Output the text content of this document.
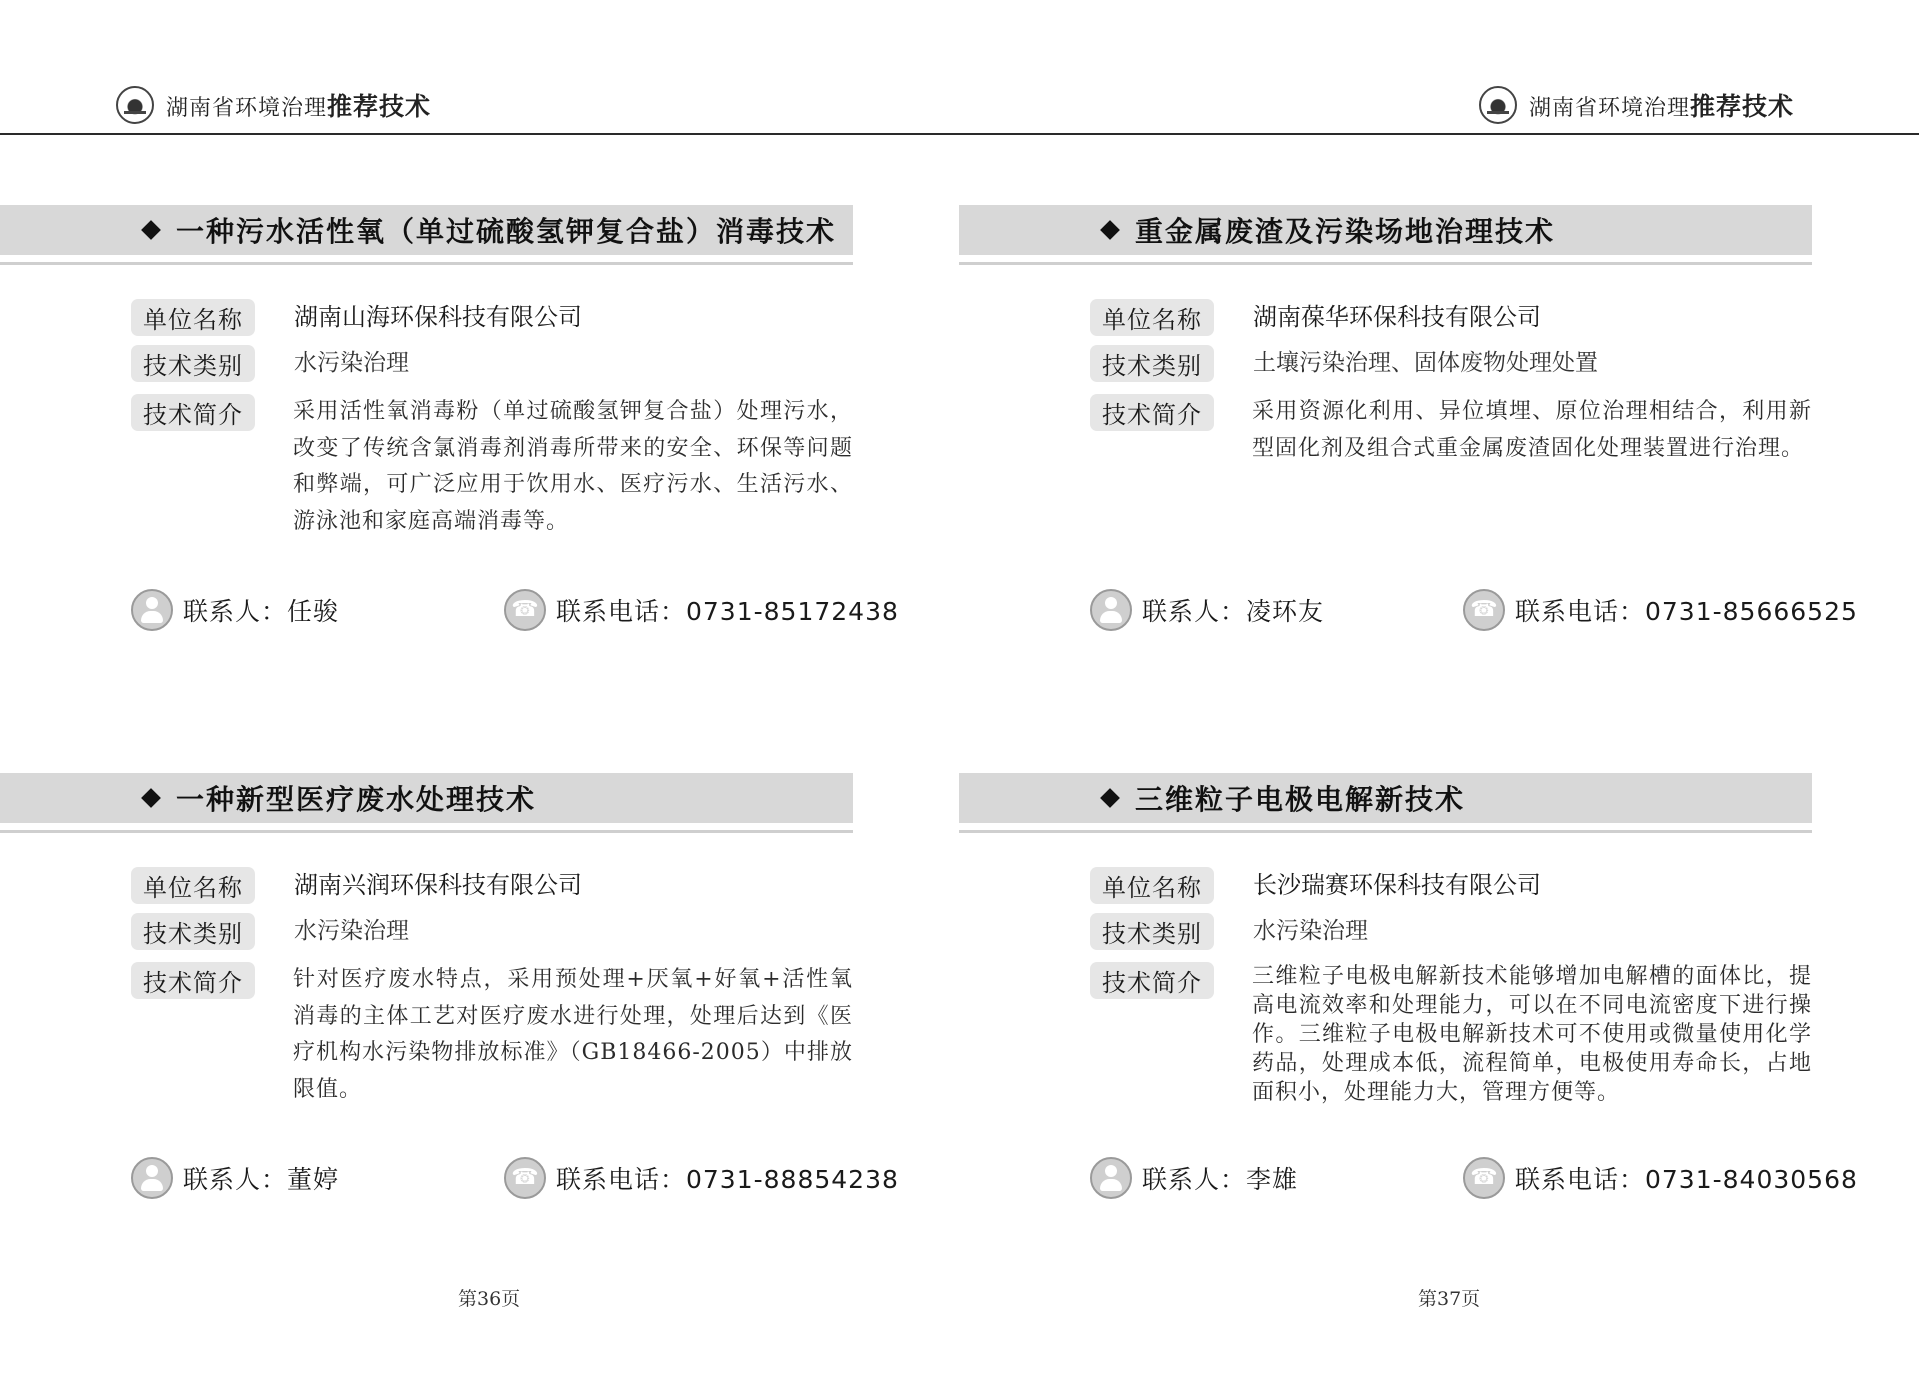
湖南省环境治理推荐技术	湖南省环境治理推荐技术
一种污水活性氧（单过硫酸氢钾复合盐）消毒技术
单位名称	湖南山海环保科技有限公司
技术类别	水污染治理
技术简介	采用活性氧消毒粉（单过硫酸氢钾复合盐）处理污水，改变了传统含氯消毒剂消毒所带来的安全、环保等问题和弊端，可广泛应用于饮用水、医疗污水、生活污水、游泳池和家庭高端消毒等。
联系人：任骏 ☎	联系电话：0731-85172438
重金属废渣及污染场地治理技术
单位名称	湖南葆华环保科技有限公司
技术类别	土壤污染治理、固体废物处理处置
技术简介	采用资源化利用、异位填埋、原位治理相结合，利用新型固化剂及组合式重金属废渣固化处理装置进行治理。
联系人：凌环友 ☎	联系电话：0731-85666525
一种新型医疗废水处理技术
单位名称	湖南兴润环保科技有限公司
技术类别	水污染治理
技术简介	针对医疗废水特点，采用预处理+厌氧+好氧+活性氧消毒的主体工艺对医疗废水进行处理，处理后达到《医疗机构水污染物排放标准》（GB18466-2005）中排放限值。
联系人：董婷 ☎	联系电话：0731-88854238
三维粒子电极电解新技术
单位名称	长沙瑞赛环保科技有限公司
技术类别	水污染治理
技术简介	三维粒子电极电解新技术能够增加电解槽的面体比，提高电流效率和处理能力，可以在不同电流密度下进行操作。三维粒子电极电解新技术可不使用或微量使用化学药品，处理成本低，流程简单，电极使用寿命长，占地面积小，处理能力大，管理方便等。
联系人：李雄 ☎	联系电话：0731-84030568
第36页	第37页
